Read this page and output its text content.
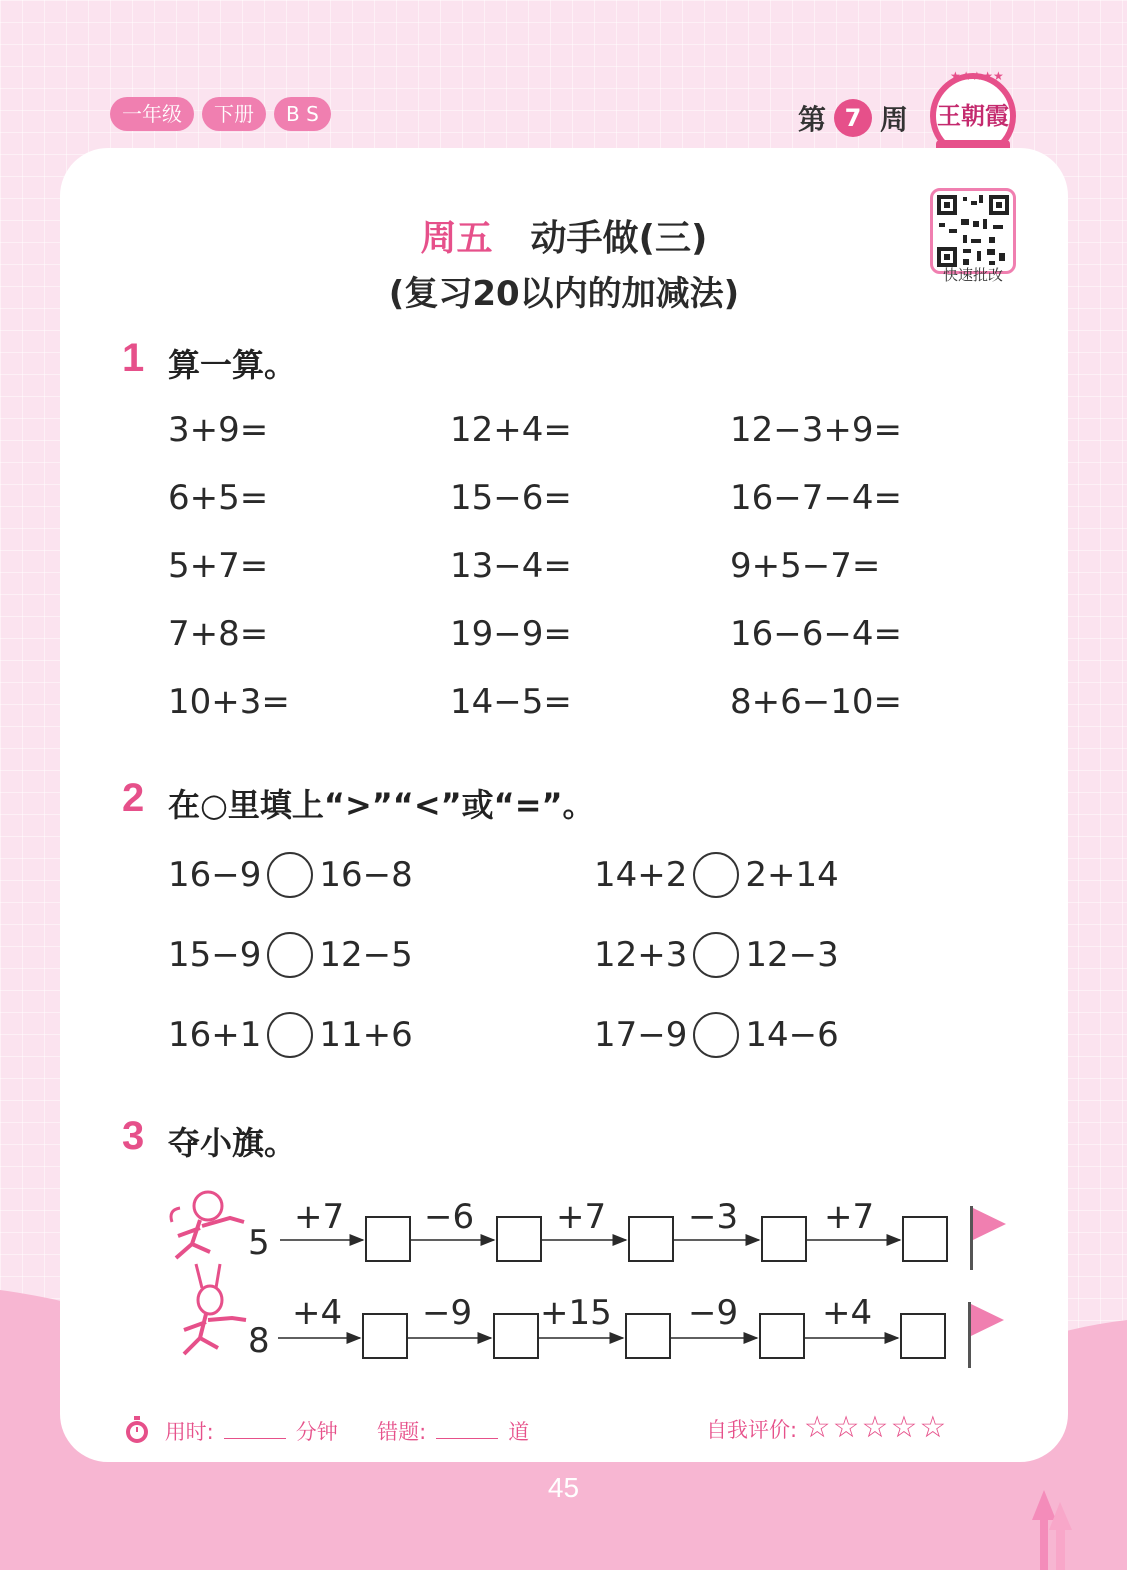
一年级	下册	B S	第 7 周
★★★★★
王朝霞
快速批改
周五 动手做(三)
(复习20以内的加减法)
1 算一算。
3+9=	12+4=	12−3+9=
6+5=	15−6=	16−7−4=
5+7=	13−4=	9+5−7=
7+8=	19−9=	16−6−4=
10+3=	14−5=	8+6−10=
2 在○里填上“>”“<”或“=”。
16−9 16−8	14+2 2+14
15−9 12−5	12+3 12−3
16+1 11+6	17−9 14−6
3 夺小旗。
5
+7 −6 +7 −3	+7
8
+4 −9 +15 −9 +4
用时:	分钟 错题:	道	自我评价: ☆☆☆☆☆
45
